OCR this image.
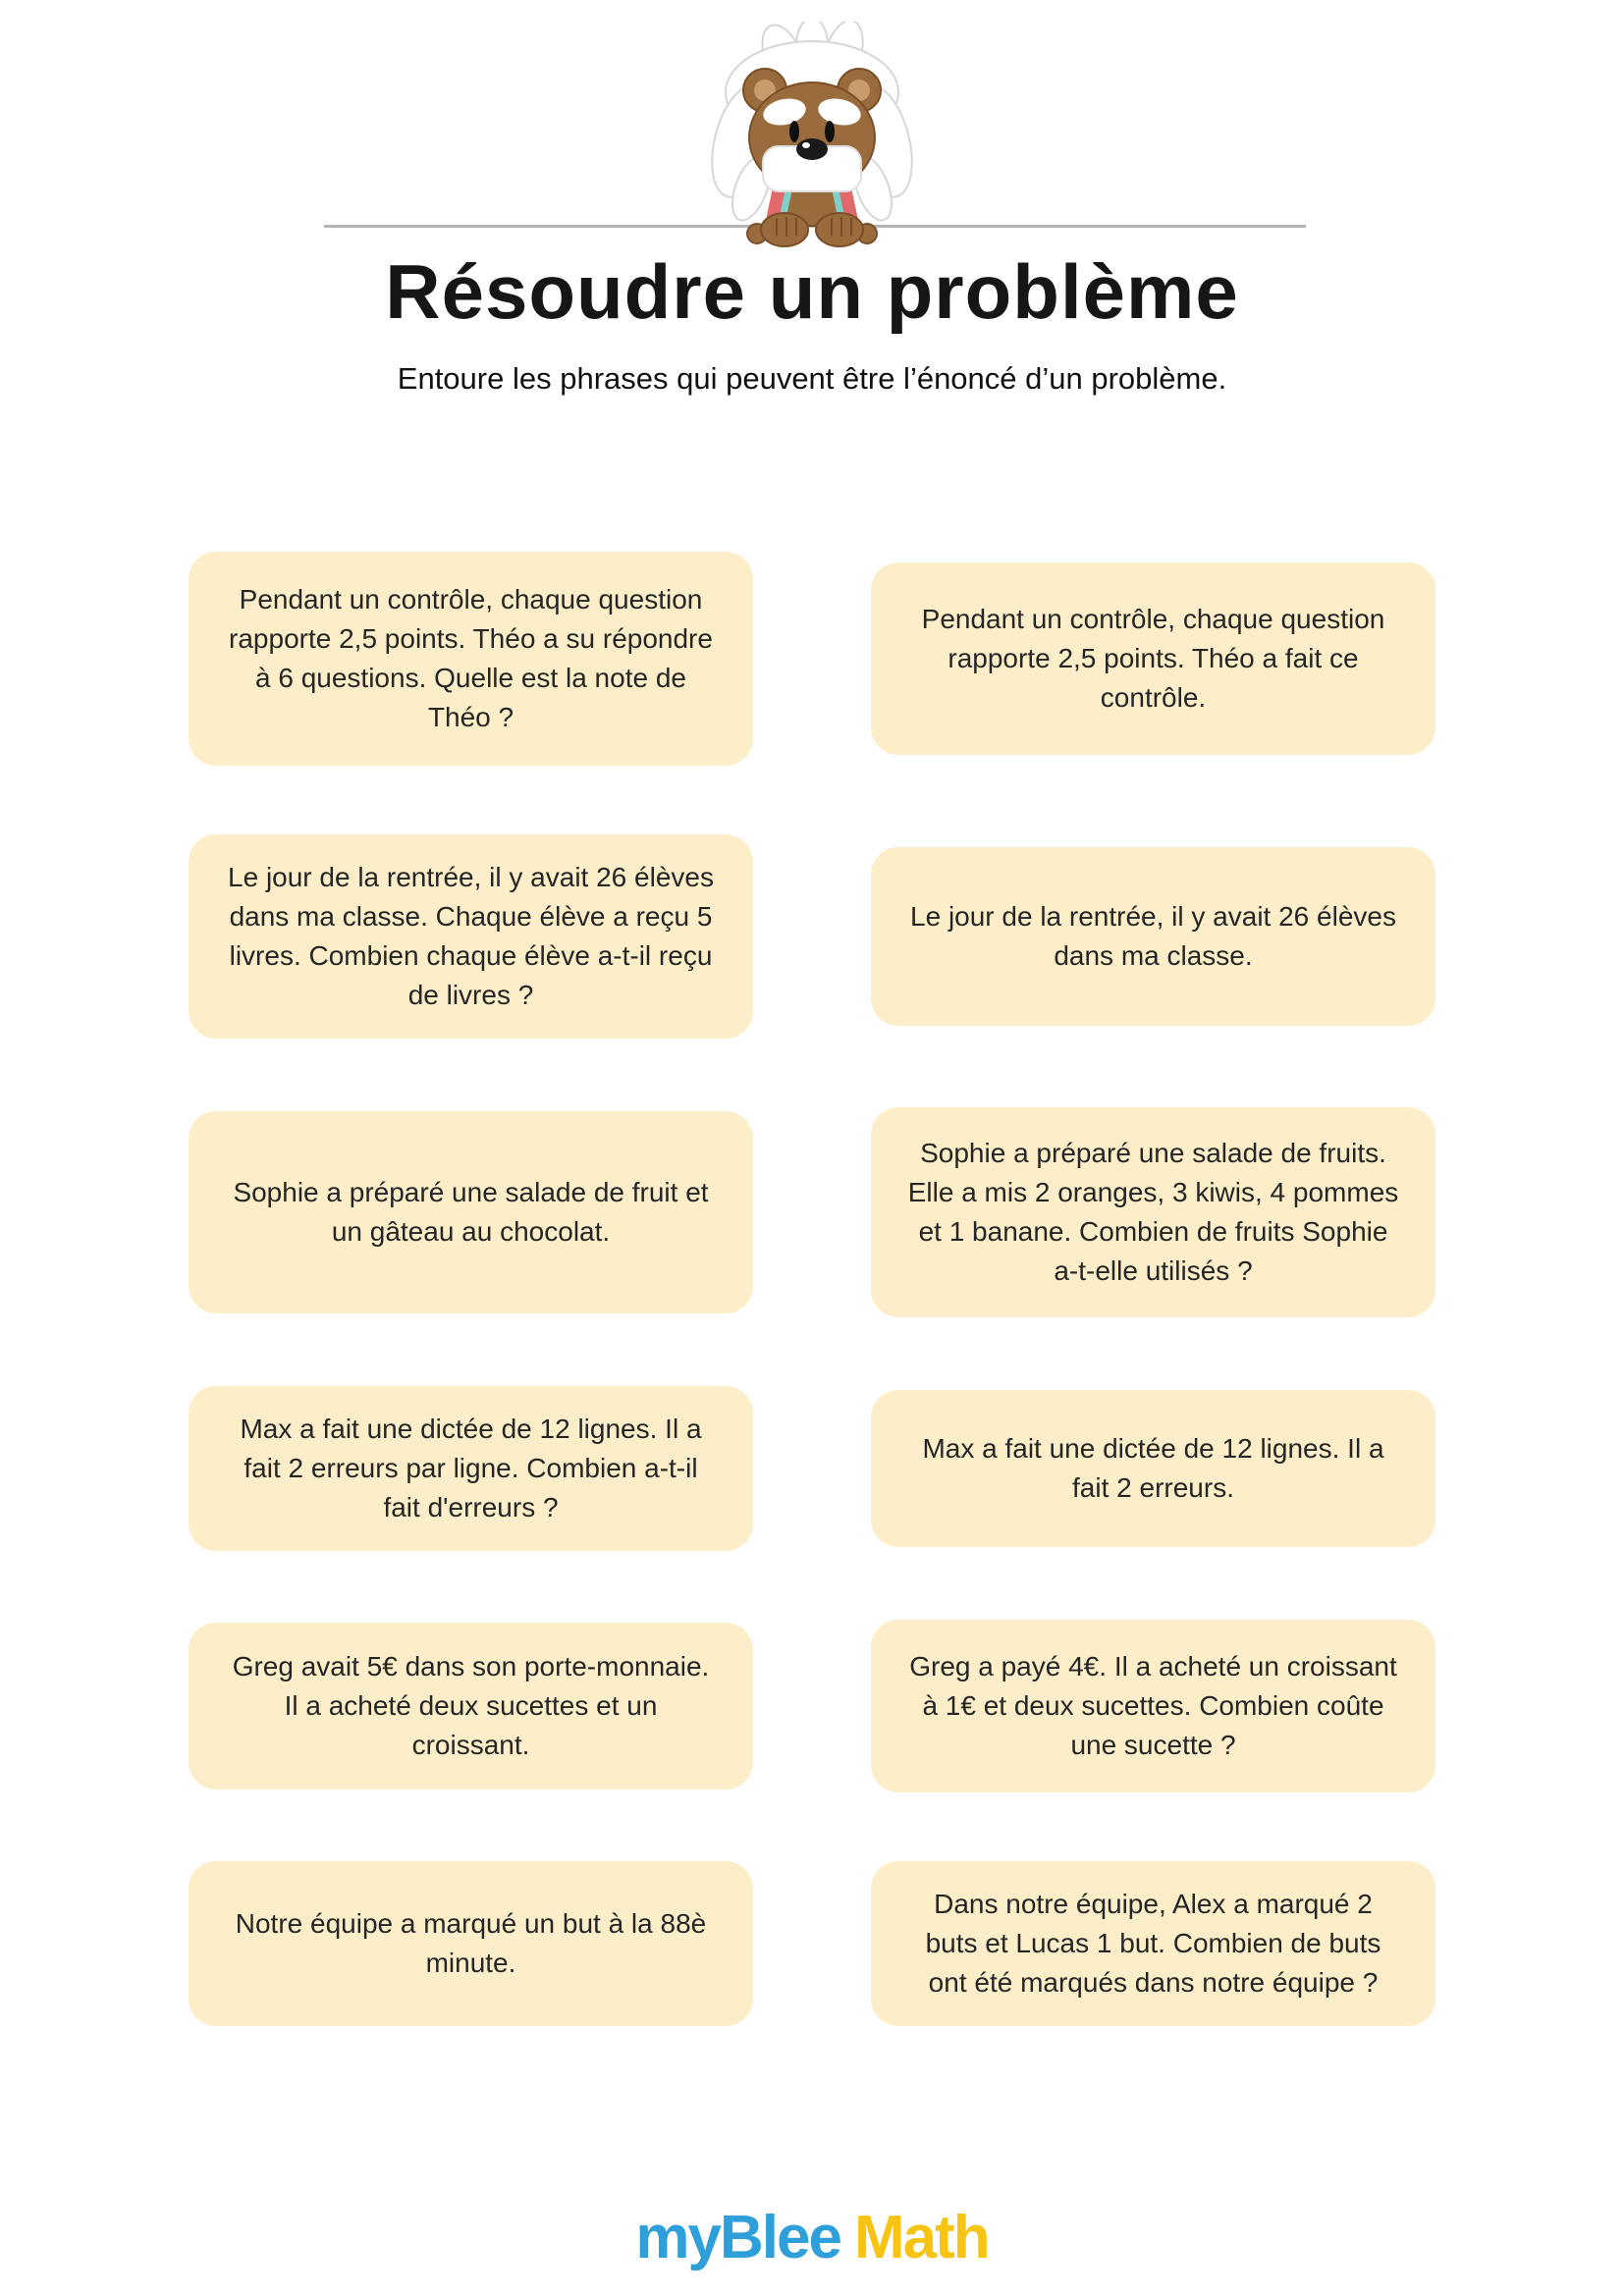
Résoudre un problème
Entoure les phrases qui peuvent être l’énoncé d’un problème.
Pendant un contrôle, chaque question rapporte 2,5 points. Théo a su répondre à 6 questions. Quelle est la note de Théo ?
Pendant un contrôle, chaque question rapporte 2,5 points. Théo a fait ce contrôle.
Le jour de la rentrée, il y avait 26 élèves dans ma classe. Chaque élève a reçu 5 livres. Combien chaque élève a-t-il reçu de livres ?
Le jour de la rentrée, il y avait 26 élèves dans ma classe.
Sophie a préparé une salade de fruit et un gâteau au chocolat.
Sophie a préparé une salade de fruits. Elle a mis 2 oranges, 3 kiwis, 4 pommes et 1 banane. Combien de fruits Sophie a-t-elle utilisés ?
Max a fait une dictée de 12 lignes. Il a fait 2 erreurs par ligne. Combien a-t-il fait d'erreurs ?
Max a fait une dictée de 12 lignes. Il a fait 2 erreurs.
Greg avait 5€ dans son porte-monnaie. Il a acheté deux sucettes et un croissant.
Greg a payé 4€. Il a acheté un croissant à 1€ et deux sucettes. Combien coûte une sucette ?
Notre équipe a marqué un but à la 88è minute.
Dans notre équipe, Alex a marqué 2 buts et Lucas 1 but. Combien de buts ont été marqués dans notre équipe ?
myBlee Math
